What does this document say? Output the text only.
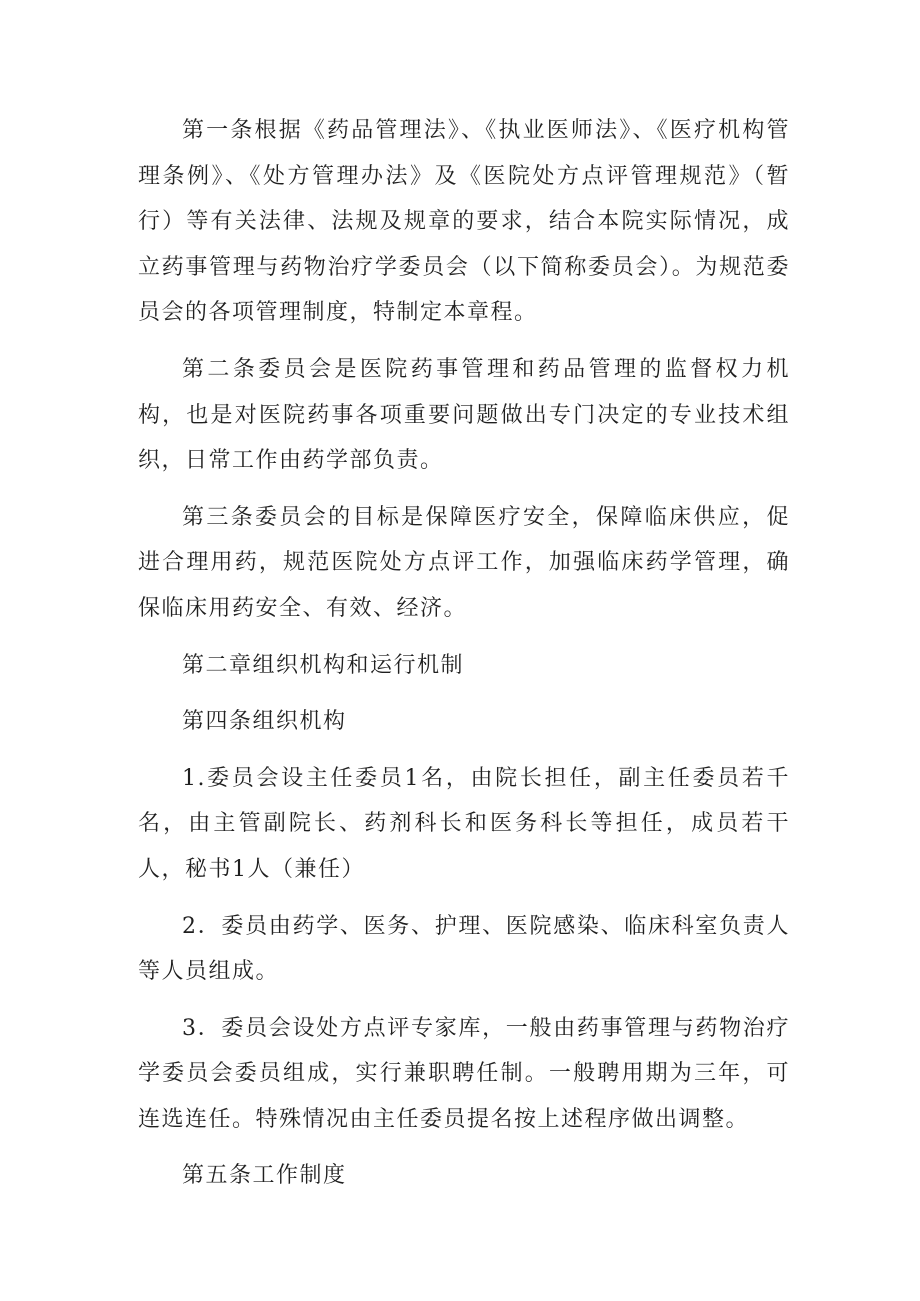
第一条根据《药品管理法》、《执业医师法》、《医疗机构管理条例》、《处方管理办法》及《医院处方点评管理规范》（暂行）等有关法律、法规及规章的要求，结合本院实际情况，成立药事管理与药物治疗学委员会（以下简称委员会）。为规范委员会的各项管理制度，特制定本章程。

第二条委员会是医院药事管理和药品管理的监督权力机构，也是对医院药事各项重要问题做出专门决定的专业技术组织，日常工作由药学部负责。

第三条委员会的目标是保障医疗安全，保障临床供应，促进合理用药，规范医院处方点评工作，加强临床药学管理，确保临床用药安全、有效、经济。

第二章组织机构和运行机制

第四条组织机构

1.委员会设主任委员1名，由院长担任，副主任委员若千名，由主管副院长、药剂科长和医务科长等担任，成员若干人，秘书1人（兼任）

2．委员由药学、医务、护理、医院感染、临床科室负责人等人员组成。

3．委员会设处方点评专家库，一般由药事管理与药物治疗学委员会委员组成，实行兼职聘任制。一般聘用期为三年，可连选连任。特殊情况由主任委员提名按上述程序做出调整。

第五条工作制度
